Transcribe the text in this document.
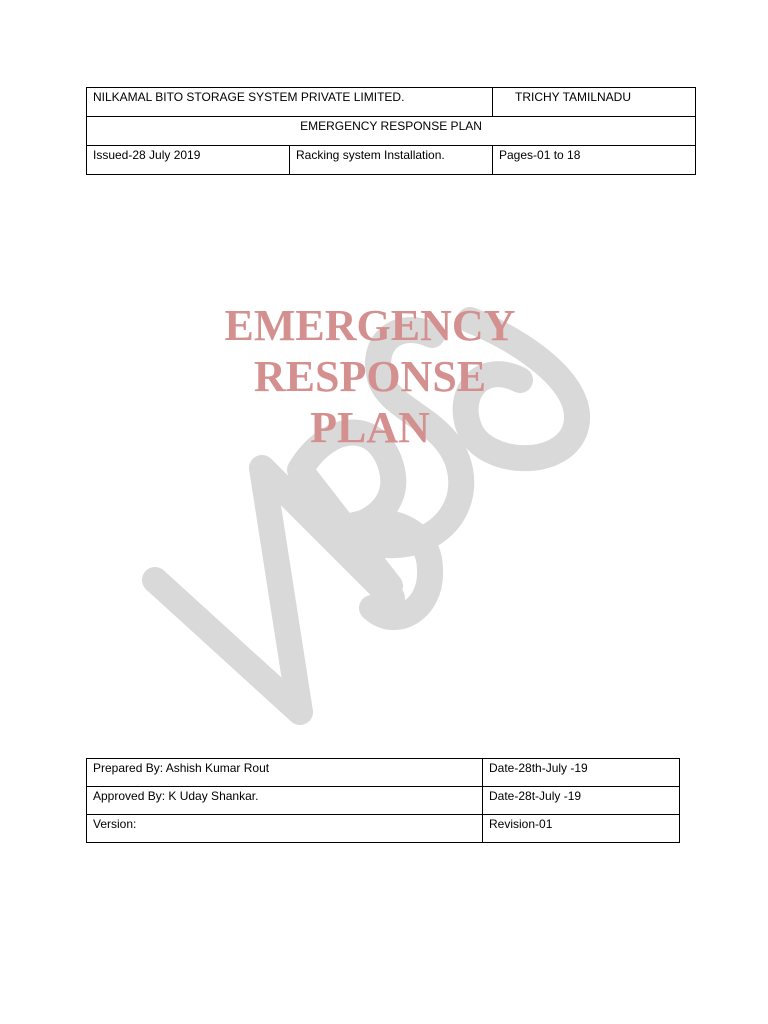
NILKAMAL BITO STORAGE SYSTEM PRIVATE LIMITED.		TRICHY TAMILNADU
EMERGENCY RESPONSE PLAN		
Issued-28 July 2019	Racking system Installation.	Pages-01 to 18
EMERGENCY
RESPONSE
PLAN
Prepared By: Ashish Kumar Rout	Date-28th-July -19
Approved By: K Uday Shankar.	Date-28t-July -19
Version:	Revision-01
